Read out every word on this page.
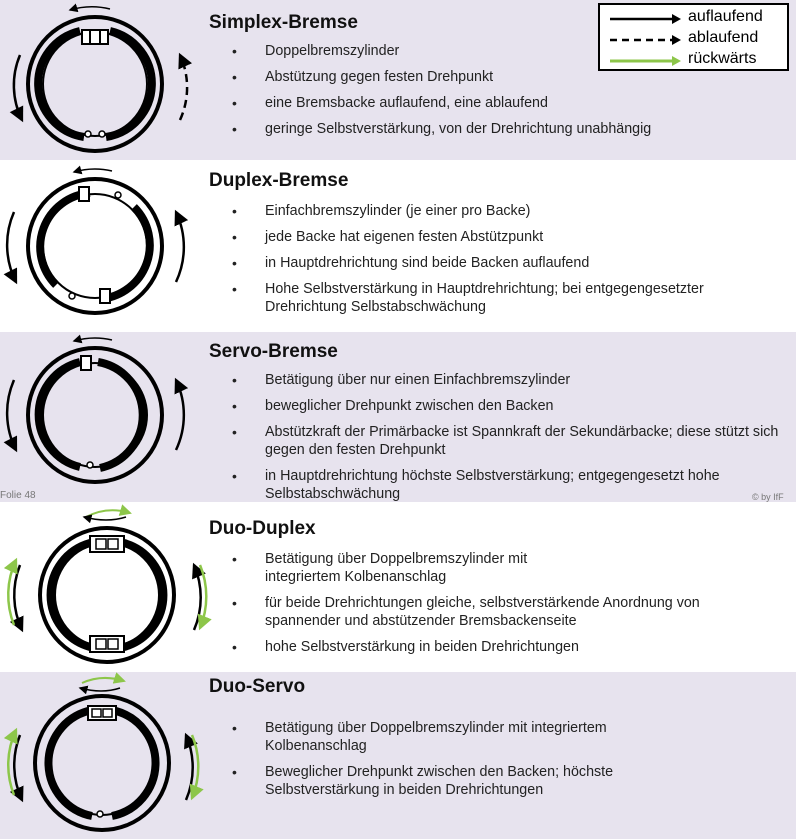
Simplex-Bremse
Duplex-Bremse
Servo-Bremse
Duo-Duplex
Duo-Servo
• Doppelbremszylinder
• Abstützung gegen festen Drehpunkt
• eine Bremsbacke auflaufend, eine ablaufend
• geringe Selbstverstärkung, von der Drehrichtung unabhängig
• Einfachbremszylinder (je einer pro Backe)
• jede Backe hat eigenen festen Abstützpunkt
• in Hauptdrehrichtung sind beide Backen auflaufend
• Hohe Selbstverstärkung in Hauptdrehrichtung; bei entgegengesetzter Drehrichtung Selbstabschwächung
• Betätigung über nur einen Einfachbremszylinder
• beweglicher Drehpunkt zwischen den Backen
• Abstützkraft der Primärbacke ist Spannkraft der Sekundärbacke; diese stützt sich gegen den festen Drehpunkt
• in Hauptdrehrichtung höchste Selbstverstärkung; entgegengesetzt hohe Selbstabschwächung
• Betätigung über Doppelbremszylinder mit integriertem Kolbenanschlag
• für beide Drehrichtungen gleiche, selbstverstärkende Anordnung von spannender und abstützender Bremsbackenseite
• hohe Selbstverstärkung in beiden Drehrichtungen
• Betätigung über Doppelbremszylinder mit integriertem Kolbenanschlag
• Beweglicher Drehpunkt zwischen den Backen; höchste Selbstverstärkung in beiden Drehrichtungen
auflaufend
ablaufend
rückwärts
Folie 48	© by IfF
